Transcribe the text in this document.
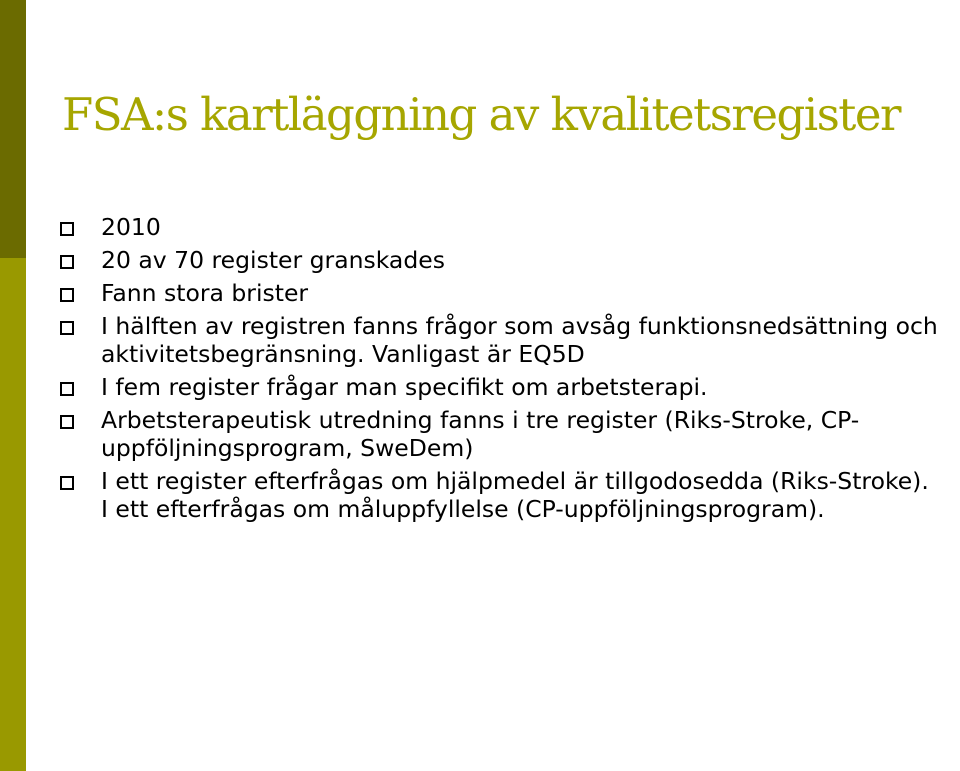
FSA:s kartläggning av kvalitetsregister
2010
20 av 70 register granskades
Fann stora brister
I hälften av registren fanns frågor som avsåg funktionsnedsättning och aktivitetsbegränsning. Vanligast är EQ5D
I fem register frågar man specifikt om arbetsterapi.
Arbetsterapeutisk utredning fanns i tre register (Riks-Stroke, CP-uppföljningsprogram, SweDem)
I ett register efterfrågas om hjälpmedel är tillgodosedda (Riks-Stroke). I ett efterfrågas om måluppfyllelse (CP-uppföljningsprogram).
